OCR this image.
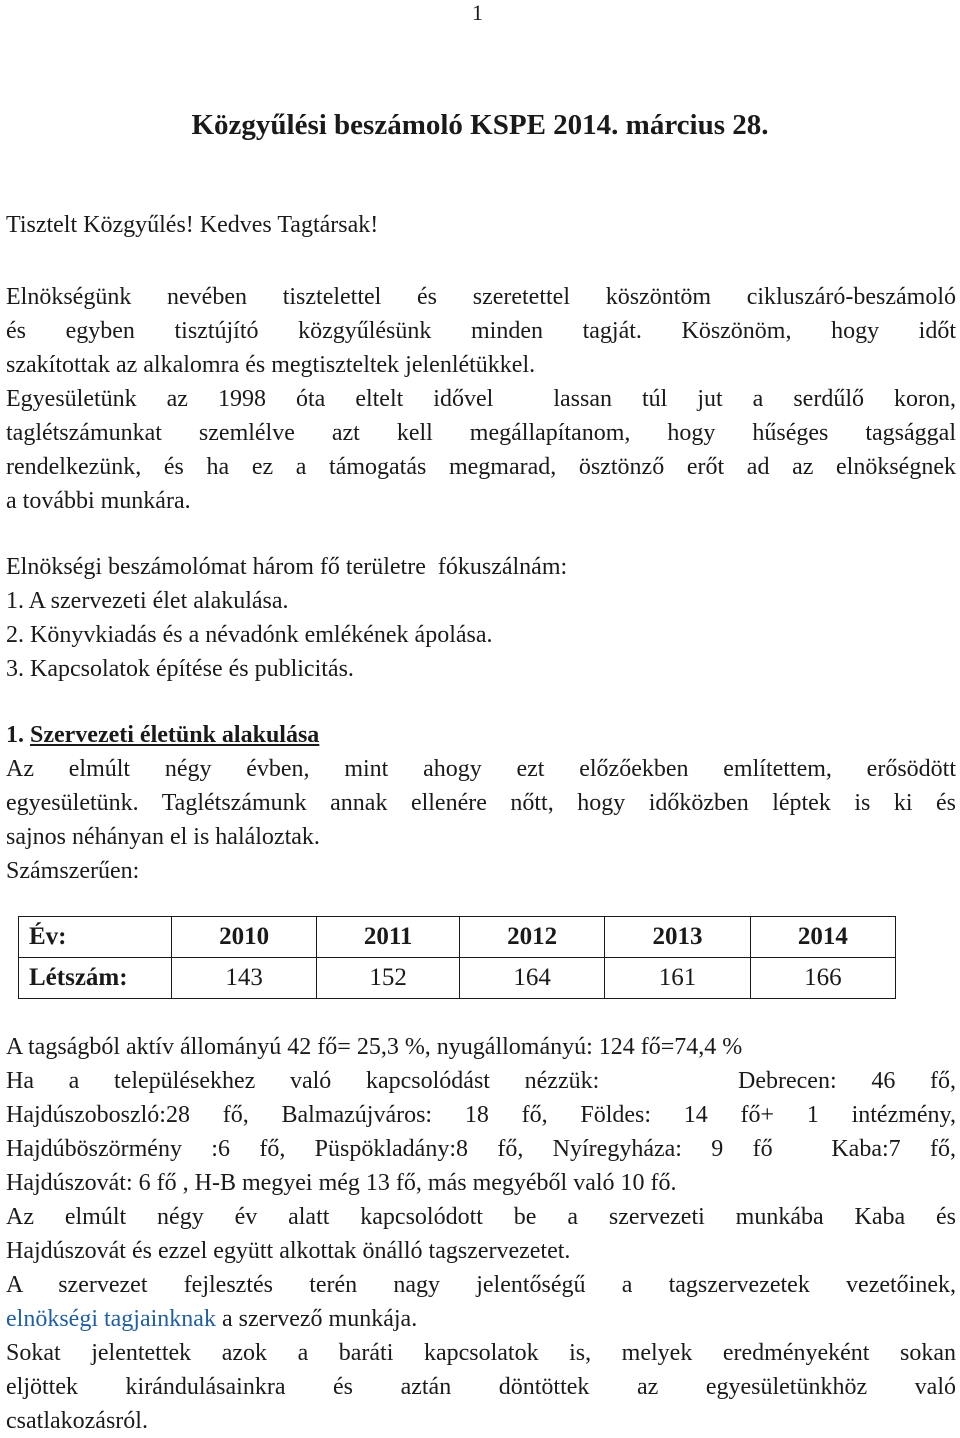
1
Közgyűlési beszámoló KSPE 2014. március 28.
Tisztelt Közgyűlés! Kedves Tagtársak!
Elnökségünk nevében tisztelettel és szeretettel köszöntöm cikluszáró-beszámoló
és egyben tisztújító közgyűlésünk minden tagját. Köszönöm, hogy időt
szakítottak az alkalomra és megtiszteltek jelenlétükkel.
Egyesületünk az 1998 óta eltelt idővel  lassan túl jut a serdűlő koron,
taglétszámunkat szemlélve azt kell megállapítanom, hogy hűséges tagsággal
rendelkezünk, és ha ez a támogatás megmarad, ösztönző erőt ad az elnökségnek
a további munkára.
Elnökségi beszámolómat három fő területre  fókuszálnám:
1. A szervezeti élet alakulása.
2. Könyvkiadás és a névadónk emlékének ápolása.
3. Kapcsolatok építése és publicitás.
1. Szervezeti életünk alakulása
Az elmúlt négy évben, mint ahogy ezt előzőekben említettem, erősödött
egyesületünk. Taglétszámunk annak ellenére nőtt, hogy időközben léptek is ki és
sajnos néhányan el is haláloztak.
Számszerűen:
Év:	2010	2011	2012	2013	2014
Létszám:	143	152	164	161	166
A tagságból aktív állományú 42 fő= 25,3 %, nyugállományú: 124 fő=74,4 %
Ha a településekhez való kapcsolódást nézzük:    Debrecen: 46 fő,
Hajdúszoboszló:28 fő, Balmazújváros: 18 fő, Földes: 14 fő+ 1 intézmény,
Hajdúböszörmény :6 fő, Püspökladány:8 fő, Nyíregyháza: 9 fő  Kaba:7 fő,
Hajdúszovát: 6 fő , H-B megyei még 13 fő, más megyéből való 10 fő.
Az elmúlt négy év alatt kapcsolódott be a szervezeti munkába Kaba és
Hajdúszovát és ezzel együtt alkottak önálló tagszervezetet.
A szervezet fejlesztés terén nagy jelentőségű a tagszervezetek vezetőinek,
elnökségi tagjainknak a szervező munkája.
Sokat jelentettek azok a baráti kapcsolatok is, melyek eredményeként sokan
eljöttek kirándulásainkra és aztán döntöttek az egyesületünkhöz való
csatlakozásról.
